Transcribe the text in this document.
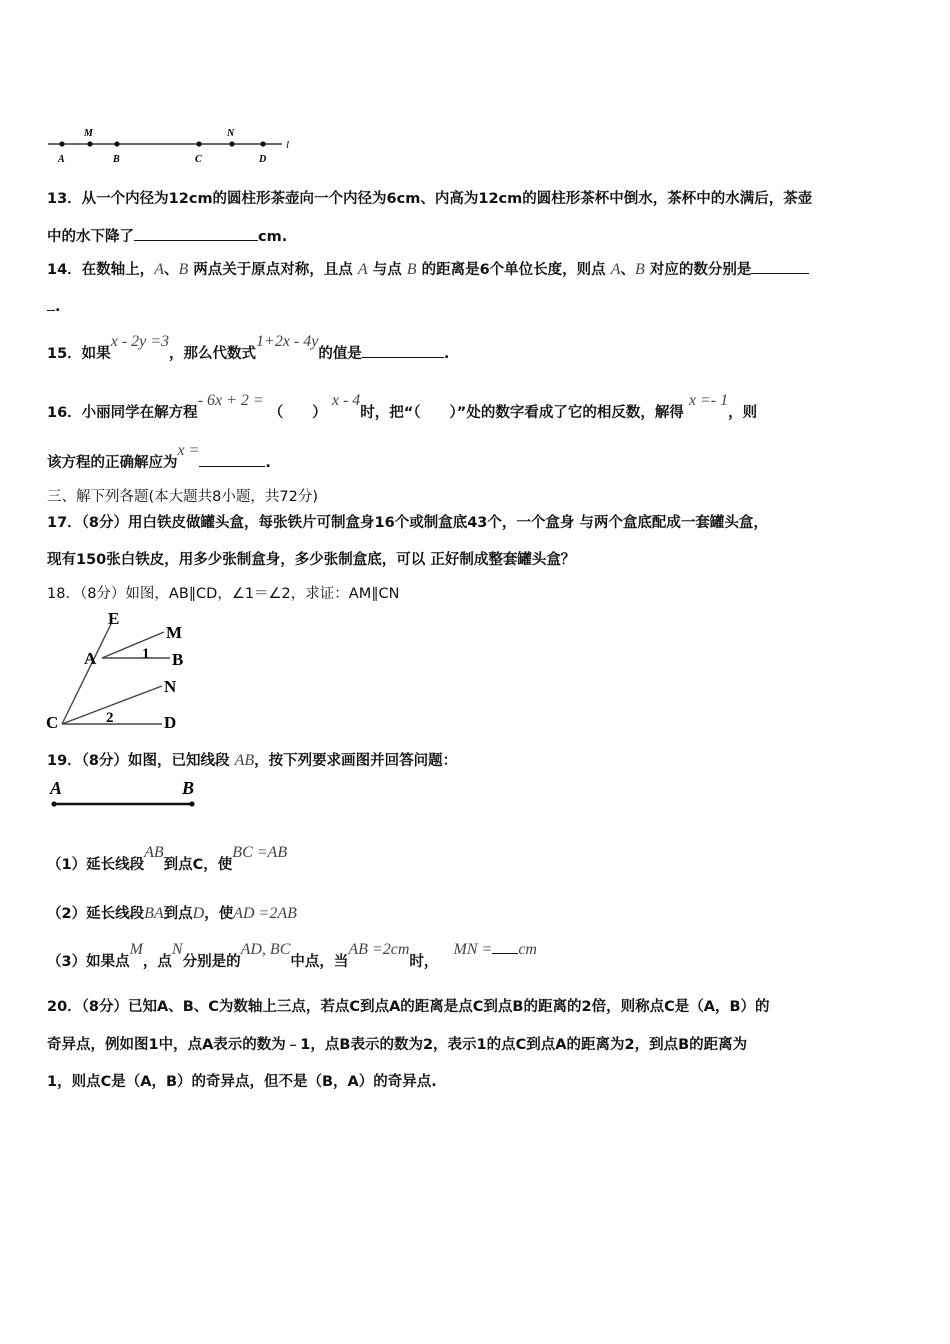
M	N
A	B	C	D
l
13．从一个内径为12cm的圆柱形茶壶向一个内径为6cm、内高为12cm的圆柱形茶杯中倒水，茶杯中的水满后，茶壶
中的水下降了	cm.
14．在数轴上，A、B 两点关于原点对称，且点 A 与点 B 的距离是6个单位长度，则点 A、B 对应的数分别是
.
15．如果x - 2y =3，那么代数式1+2x - 4y的值是	.
16．小丽同学在解方程- 6x + 2 = （　　） x - 4时，把“（　　）”处的数字看成了它的相反数，解得 x =- 1，则
该方程的正确解应为x =.
三、解下列各题(本大题共8小题，共72分)
17．（8分）用白铁皮做罐头盒，每张铁片可制盒身16个或制盒底43个，一个盒身 与两个盒底配成一套罐头盒，
现有150张白铁皮，用多少张制盒身，多少张制盒底，可以 正好制成整套罐头盒？
18．（8分）如图，AB∥CD，∠1＝∠2，求证：AM∥CN
E
M
A	1 B
N
C	2	D
19．（8分）如图，已知线段 AB，按下列要求画图并回答问题：
A	B
（1）延长线段AB到点C，使BC =AB
（2）延长线段BA到点D，使AD =2AB
（3）如果点M，点N分别是的AD, BC中点，当AB =2cm时，   MN = cm
20．（8分）已知A、B、C为数轴上三点，若点C到点A的距离是点C到点B的距离的2倍，则称点C是（A，B）的
奇异点，例如图1中，点A表示的数为﹣1，点B表示的数为2，表示1的点C到点A的距离为2，到点B的距离为
1，则点C是（A，B）的奇异点，但不是（B，A）的奇异点.
